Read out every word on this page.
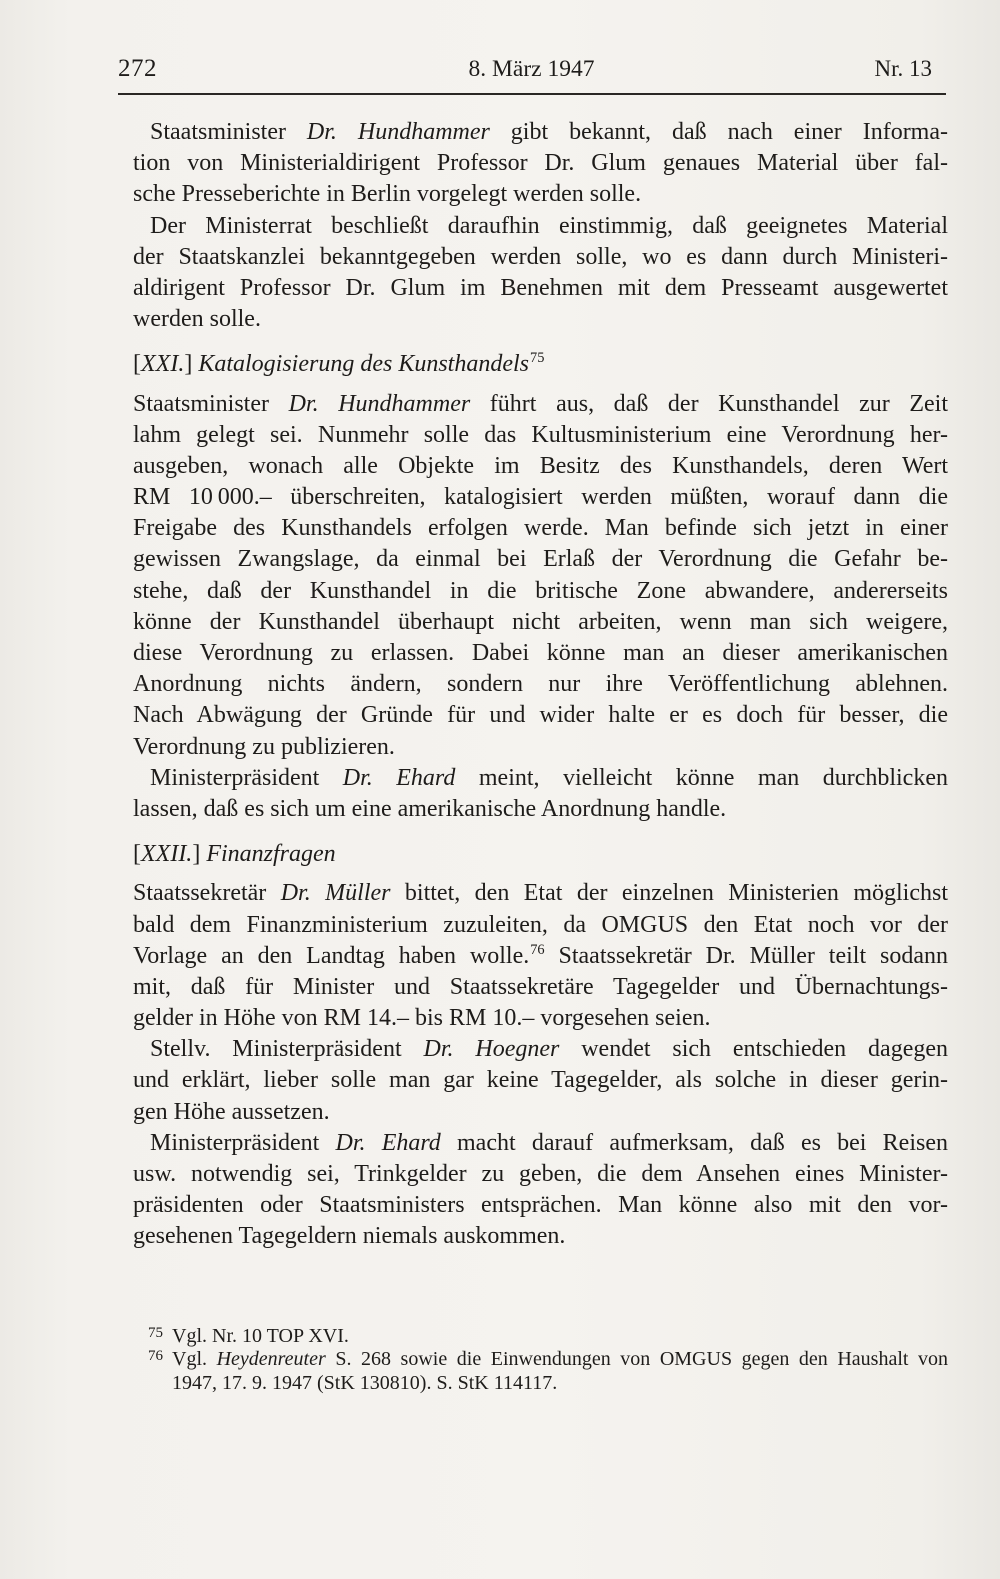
272	8. März 1947	Nr. 13
Staatsminister Dr. Hundhammer gibt bekannt, daß nach einer Informa-
tion von Ministerialdirigent Professor Dr. Glum genaues Material über fal-
sche Presseberichte in Berlin vorgelegt werden solle.
Der Ministerrat beschließt daraufhin einstimmig, daß geeignetes Material
der Staatskanzlei bekanntgegeben werden solle, wo es dann durch Ministeri-
aldirigent Professor Dr. Glum im Benehmen mit dem Presseamt ausgewertet
werden solle.
[XXI.] Katalogisierung des Kunsthandels$^{75}$
Staatsminister Dr. Hundhammer führt aus, daß der Kunsthandel zur Zeit
lahm gelegt sei. Nunmehr solle das Kultusministerium eine Verordnung her-
ausgeben, wonach alle Objekte im Besitz des Kunsthandels, deren Wert
RM 10 000.– überschreiten, katalogisiert werden müßten, worauf dann die
Freigabe des Kunsthandels erfolgen werde. Man befinde sich jetzt in einer
gewissen Zwangslage, da einmal bei Erlaß der Verordnung die Gefahr be-
stehe, daß der Kunsthandel in die britische Zone abwandere, andererseits
könne der Kunsthandel überhaupt nicht arbeiten, wenn man sich weigere,
diese Verordnung zu erlassen. Dabei könne man an dieser amerikanischen
Anordnung nichts ändern, sondern nur ihre Veröffentlichung ablehnen.
Nach Abwägung der Gründe für und wider halte er es doch für besser, die
Verordnung zu publizieren.
Ministerpräsident Dr. Ehard meint, vielleicht könne man durchblicken
lassen, daß es sich um eine amerikanische Anordnung handle.
[XXII.] Finanzfragen
Staatssekretär Dr. Müller bittet, den Etat der einzelnen Ministerien möglichst
bald dem Finanzministerium zuzuleiten, da OMGUS den Etat noch vor der
Vorlage an den Landtag haben wolle.$^{76}$ Staatssekretär Dr. Müller teilt sodann
mit, daß für Minister und Staatssekretäre Tagegelder und Übernachtungs-
gelder in Höhe von RM 14.– bis RM 10.– vorgesehen seien.
Stellv. Ministerpräsident Dr. Hoegner wendet sich entschieden dagegen
und erklärt, lieber solle man gar keine Tagegelder, als solche in dieser gerin-
gen Höhe aussetzen.
Ministerpräsident Dr. Ehard macht darauf aufmerksam, daß es bei Reisen
usw. notwendig sei, Trinkgelder zu geben, die dem Ansehen eines Minister-
präsidenten oder Staatsministers entsprächen. Man könne also mit den vor-
gesehenen Tagegeldern niemals auskommen.
75 Vgl. Nr. 10 TOP XVI.
76 Vgl. Heydenreuter S. 268 sowie die Einwendungen von OMGUS gegen den Haushalt von
1947, 17. 9. 1947 (StK 130810). S. StK 114117.
